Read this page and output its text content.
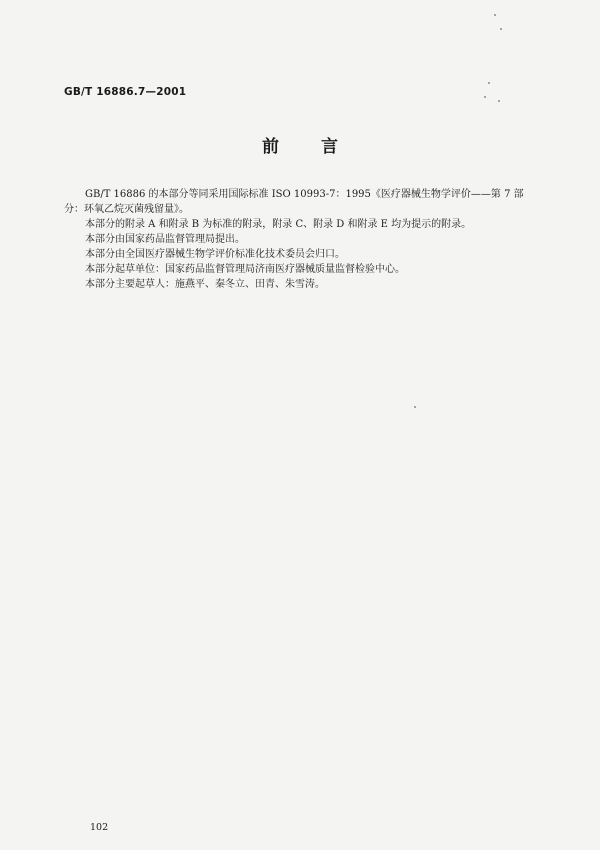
GB/T 16886.7—2001
前 言

GB/T 16886 的本部分等同采用国际标准 ISO 10993-7：1995《医疗器械生物学评价——第 7 部分：环氧乙烷灭菌残留量》。

本部分的附录 A 和附录 B 为标准的附录，附录 C、附录 D 和附录 E 均为提示的附录。

本部分由国家药品监督管理局提出。

本部分由全国医疗器械生物学评价标准化技术委员会归口。

本部分起草单位：国家药品监督管理局济南医疗器械质量监督检验中心。

本部分主要起草人：施燕平、秦冬立、田青、朱雪涛。

102
